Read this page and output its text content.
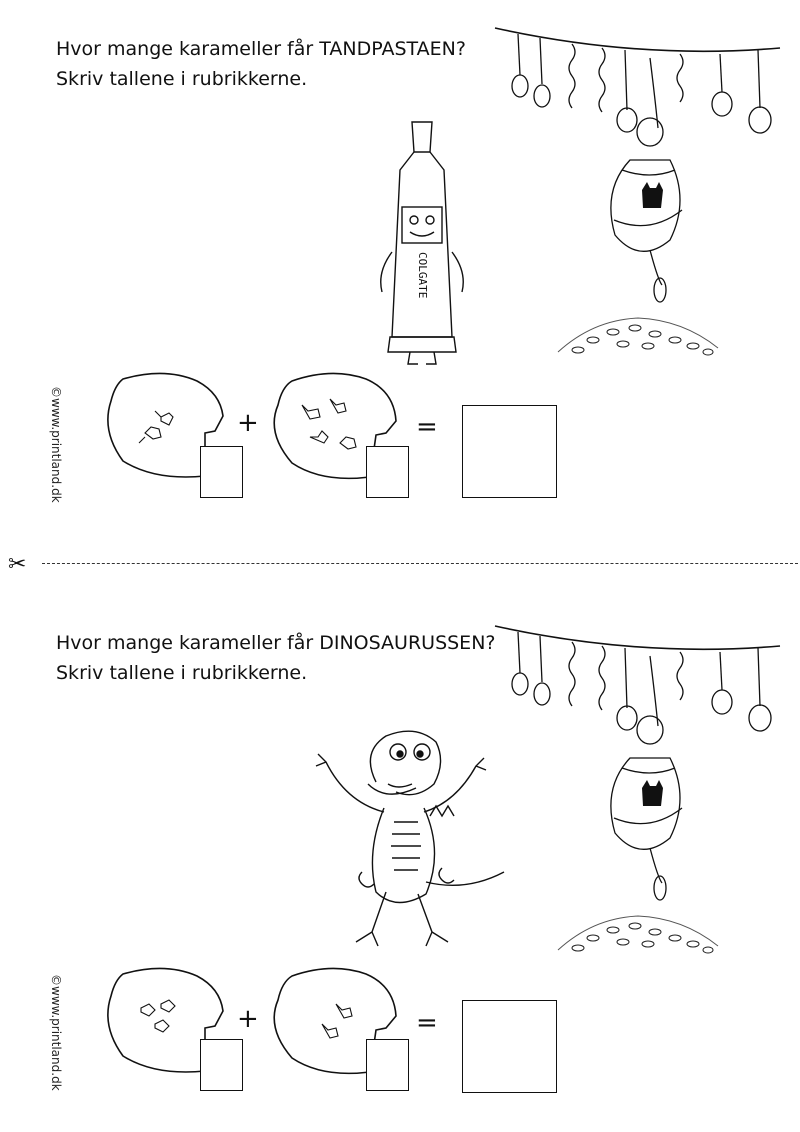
Hvor mange karameller får TANDPASTAEN?
Skriv tallene i rubrikkerne.
COLGATE
©www.printland.dk	+	=
✂
Hvor mange karameller får DINOSAURUSSEN?
Skriv tallene i rubrikkerne.
©www.printland.dk	+	=
